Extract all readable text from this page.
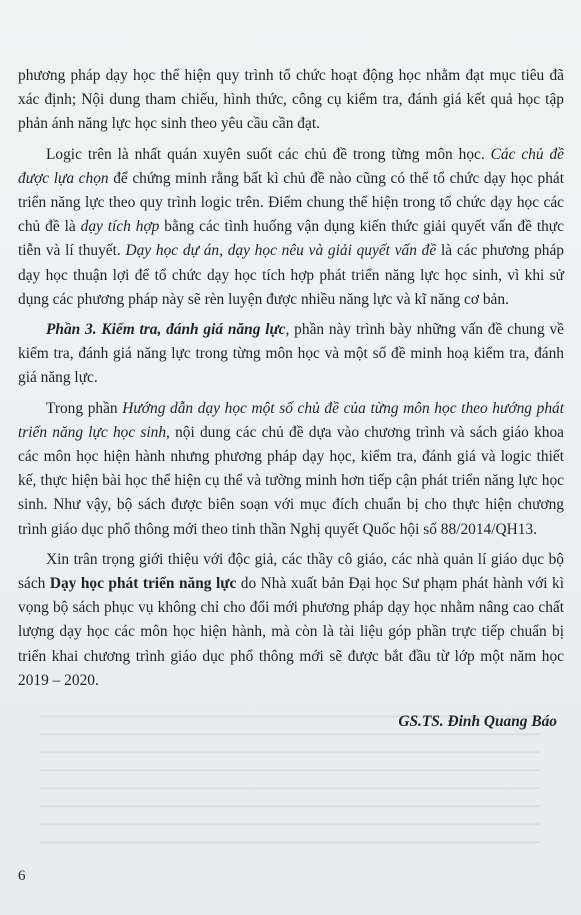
phương pháp dạy học thể hiện quy trình tổ chức hoạt động học nhằm đạt mục tiêu đã xác định; Nội dung tham chiếu, hình thức, công cụ kiểm tra, đánh giá kết quả học tập phản ánh năng lực học sinh theo yêu cầu cần đạt.

Logic trên là nhất quán xuyên suốt các chủ đề trong từng môn học. Các chủ đề được lựa chọn để chứng minh rằng bất kì chủ đề nào cũng có thể tổ chức dạy học phát triển năng lực theo quy trình logic trên. Điểm chung thể hiện trong tổ chức dạy học các chủ đề là dạy tích hợp bằng các tình huống vận dụng kiến thức giải quyết vấn đề thực tiễn và lí thuyết. Dạy học dự án, dạy học nêu và giải quyết vấn đề là các phương pháp dạy học thuận lợi để tổ chức dạy học tích hợp phát triển năng lực học sinh, vì khi sử dụng các phương pháp này sẽ rèn luyện được nhiều năng lực và kĩ năng cơ bản.

Phần 3. Kiểm tra, đánh giá năng lực, phần này trình bày những vấn đề chung về kiểm tra, đánh giá năng lực trong từng môn học và một số đề minh hoạ kiểm tra, đánh giá năng lực.

Trong phần Hướng dẫn dạy học một số chủ đề của từng môn học theo hướng phát triển năng lực học sinh, nội dung các chủ đề dựa vào chương trình và sách giáo khoa các môn học hiện hành nhưng phương pháp dạy học, kiểm tra, đánh giá và logic thiết kế, thực hiện bài học thể hiện cụ thể và tường minh hơn tiếp cận phát triển năng lực học sinh. Như vậy, bộ sách được biên soạn với mục đích chuẩn bị cho thực hiện chương trình giáo dục phổ thông mới theo tinh thần Nghị quyết Quốc hội số 88/2014/QH13.

Xin trân trọng giới thiệu với độc giả, các thầy cô giáo, các nhà quản lí giáo dục bộ sách Dạy học phát triển năng lực do Nhà xuất bản Đại học Sư phạm phát hành với kì vọng bộ sách phục vụ không chỉ cho đổi mới phương pháp dạy học nhằm nâng cao chất lượng dạy học các môn học hiện hành, mà còn là tài liệu góp phần trực tiếp chuẩn bị triển khai chương trình giáo dục phổ thông mới sẽ được bắt đầu từ lớp một năm học 2019 – 2020.

GS.TS. Đinh Quang Báo
6
